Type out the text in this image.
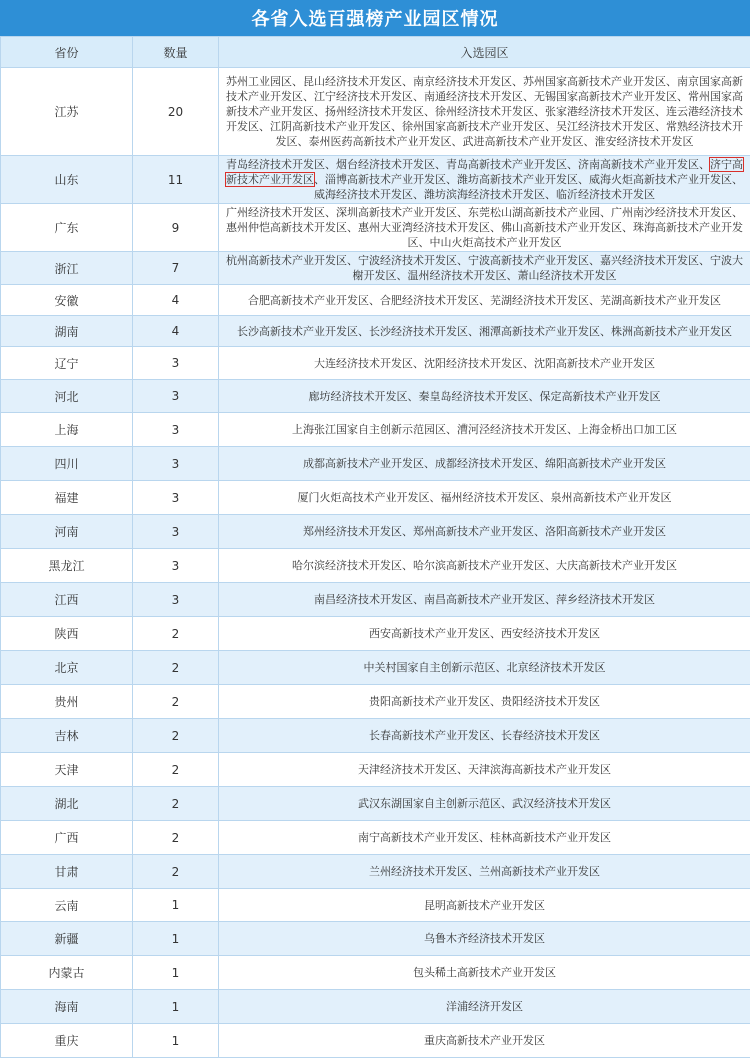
各省入选百强榜产业园区情况
省份	数量	入选园区
江苏	20	苏州工业园区、昆山经济技术开发区、南京经济技术开发区、苏州国家高新技术产业开发区、南京国家高新技术产业开发区、江宁经济技术开发区、南通经济技术开发区、无锡国家高新技术产业开发区、常州国家高新技术产业开发区、扬州经济技术开发区、徐州经济技术开发区、张家港经济技术开发区、连云港经济技术开发区、江阴高新技术产业开发区、徐州国家高新技术产业开发区、吴江经济技术开发区、常熟经济技术开发区、泰州医药高新技术产业开发区、武进高新技术产业开发区、淮安经济技术开发区
山东	11	青岛经济技术开发区、烟台经济技术开发区、青岛高新技术产业开发区、济南高新技术产业开发区、济宁高新技术产业开发区、淄博高新技术产业开发区、潍坊高新技术产业开发区、威海火炬高新技术产业开发区、威海经济技术开发区、潍坊滨海经济技术开发区、临沂经济技术开发区
广东	9	广州经济技术开发区、深圳高新技术产业开发区、东莞松山湖高新技术产业园、广州南沙经济技术开发区、惠州仲恺高新技术开发区、惠州大亚湾经济技术开发区、佛山高新技术产业开发区、珠海高新技术产业开发区、中山火炬高技术产业开发区
浙江	7	杭州高新技术产业开发区、宁波经济技术开发区、宁波高新技术产业开发区、嘉兴经济技术开发区、宁波大榭开发区、温州经济技术开发区、萧山经济技术开发区
安徽	4	合肥高新技术产业开发区、合肥经济技术开发区、芜湖经济技术开发区、芜湖高新技术产业开发区
湖南	4	长沙高新技术产业开发区、长沙经济技术开发区、湘潭高新技术产业开发区、株洲高新技术产业开发区
辽宁	3	大连经济技术开发区、沈阳经济技术开发区、沈阳高新技术产业开发区
河北	3	廊坊经济技术开发区、秦皇岛经济技术开发区、保定高新技术产业开发区
上海	3	上海张江国家自主创新示范园区、漕河泾经济技术开发区、上海金桥出口加工区
四川	3	成都高新技术产业开发区、成都经济技术开发区、绵阳高新技术产业开发区
福建	3	厦门火炬高技术产业开发区、福州经济技术开发区、泉州高新技术产业开发区
河南	3	郑州经济技术开发区、郑州高新技术产业开发区、洛阳高新技术产业开发区
黑龙江	3	哈尔滨经济技术开发区、哈尔滨高新技术产业开发区、大庆高新技术产业开发区
江西	3	南昌经济技术开发区、南昌高新技术产业开发区、萍乡经济技术开发区
陕西	2	西安高新技术产业开发区、西安经济技术开发区
北京	2	中关村国家自主创新示范区、北京经济技术开发区
贵州	2	贵阳高新技术产业开发区、贵阳经济技术开发区
吉林	2	长春高新技术产业开发区、长春经济技术开发区
天津	2	天津经济技术开发区、天津滨海高新技术产业开发区
湖北	2	武汉东湖国家自主创新示范区、武汉经济技术开发区
广西	2	南宁高新技术产业开发区、桂林高新技术产业开发区
甘肃	2	兰州经济技术开发区、兰州高新技术产业开发区
云南	1	昆明高新技术产业开发区
新疆	1	乌鲁木齐经济技术开发区
内蒙古	1	包头稀土高新技术产业开发区
海南	1	洋浦经济开发区
重庆	1	重庆高新技术产业开发区
